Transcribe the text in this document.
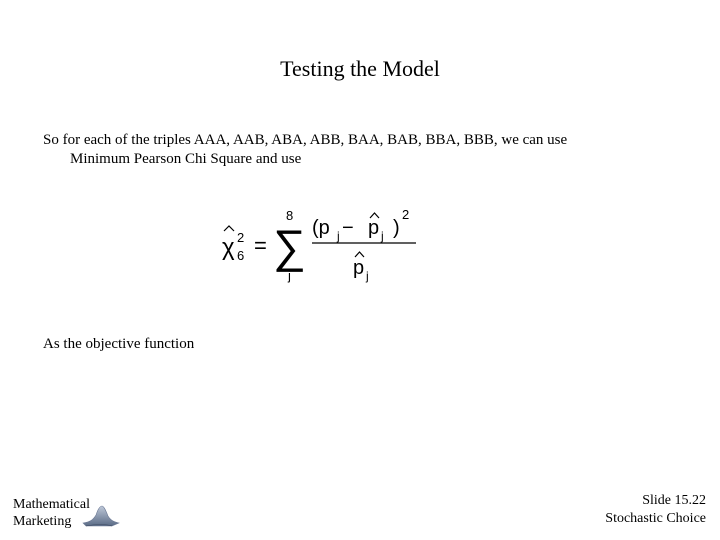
Testing the Model
So for each of the triples AAA, AAB, ABA, ABB, BAA, BAB, BBA, BBB, we can use
Minimum Pearson Chi Square and use
χ 2
6 =
8
∑
j
(p j − p j )
2
p j
As the objective function
Mathematical
Marketing
Slide 15.22
Stochastic Choice
